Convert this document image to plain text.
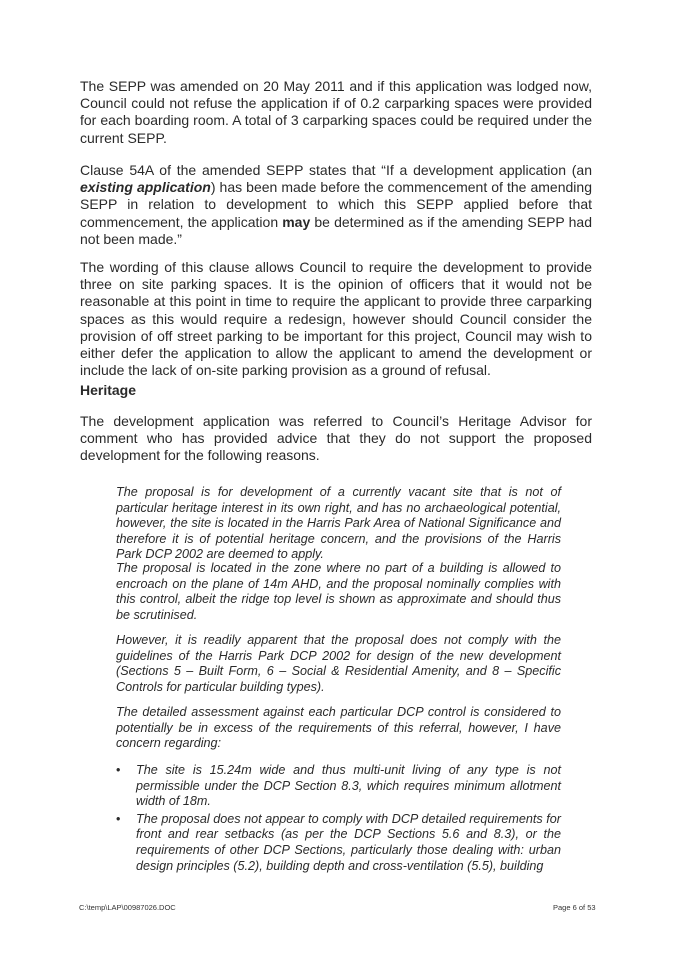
The SEPP was amended on 20 May 2011 and if this application was lodged now, Council could not refuse the application if of 0.2 carparking spaces were provided for each boarding room. A total of 3 carparking spaces could be required under the current SEPP.

Clause 54A of the amended SEPP states that “If a development application (an existing application) has been made before the commencement of the amending SEPP in relation to development to which this SEPP applied before that commencement, the application may be determined as if the amending SEPP had not been made.”

The wording of this clause allows Council to require the development to provide three on site parking spaces. It is the opinion of officers that it would not be reasonable at this point in time to require the applicant to provide three carparking spaces as this would require a redesign, however should Council consider the provision of off street parking to be important for this project, Council may wish to either defer the application to allow the applicant to amend the development or include the lack of on-site parking provision as a ground of refusal.

Heritage

The development application was referred to Council’s Heritage Advisor for comment who has provided advice that they do not support the proposed development for the following reasons.

The proposal is for development of a currently vacant site that is not of particular heritage interest in its own right, and has no archaeological potential, however, the site is located in the Harris Park Area of National Significance and therefore it is of potential heritage concern, and the provisions of the Harris Park DCP 2002 are deemed to apply.

The proposal is located in the zone where no part of a building is allowed to encroach on the plane of 14m AHD, and the proposal nominally complies with this control, albeit the ridge top level is shown as approximate and should thus be scrutinised.

However, it is readily apparent that the proposal does not comply with the guidelines of the Harris Park DCP 2002 for design of the new development (Sections 5 – Built Form, 6 – Social & Residential Amenity, and 8 – Specific Controls for particular building types).

The detailed assessment against each particular DCP control is considered to potentially be in excess of the requirements of this referral, however, I have concern regarding:

• The site is 15.24m wide and thus multi-unit living of any type is not permissible under the DCP Section 8.3, which requires minimum allotment width of 18m.
• The proposal does not appear to comply with DCP detailed requirements for front and rear setbacks (as per the DCP Sections 5.6 and 8.3), or the requirements of other DCP Sections, particularly those dealing with: urban design principles (5.2), building depth and cross-ventilation (5.5), building
C:\temp\LAP\00987026.DOC	Page 6 of 53
